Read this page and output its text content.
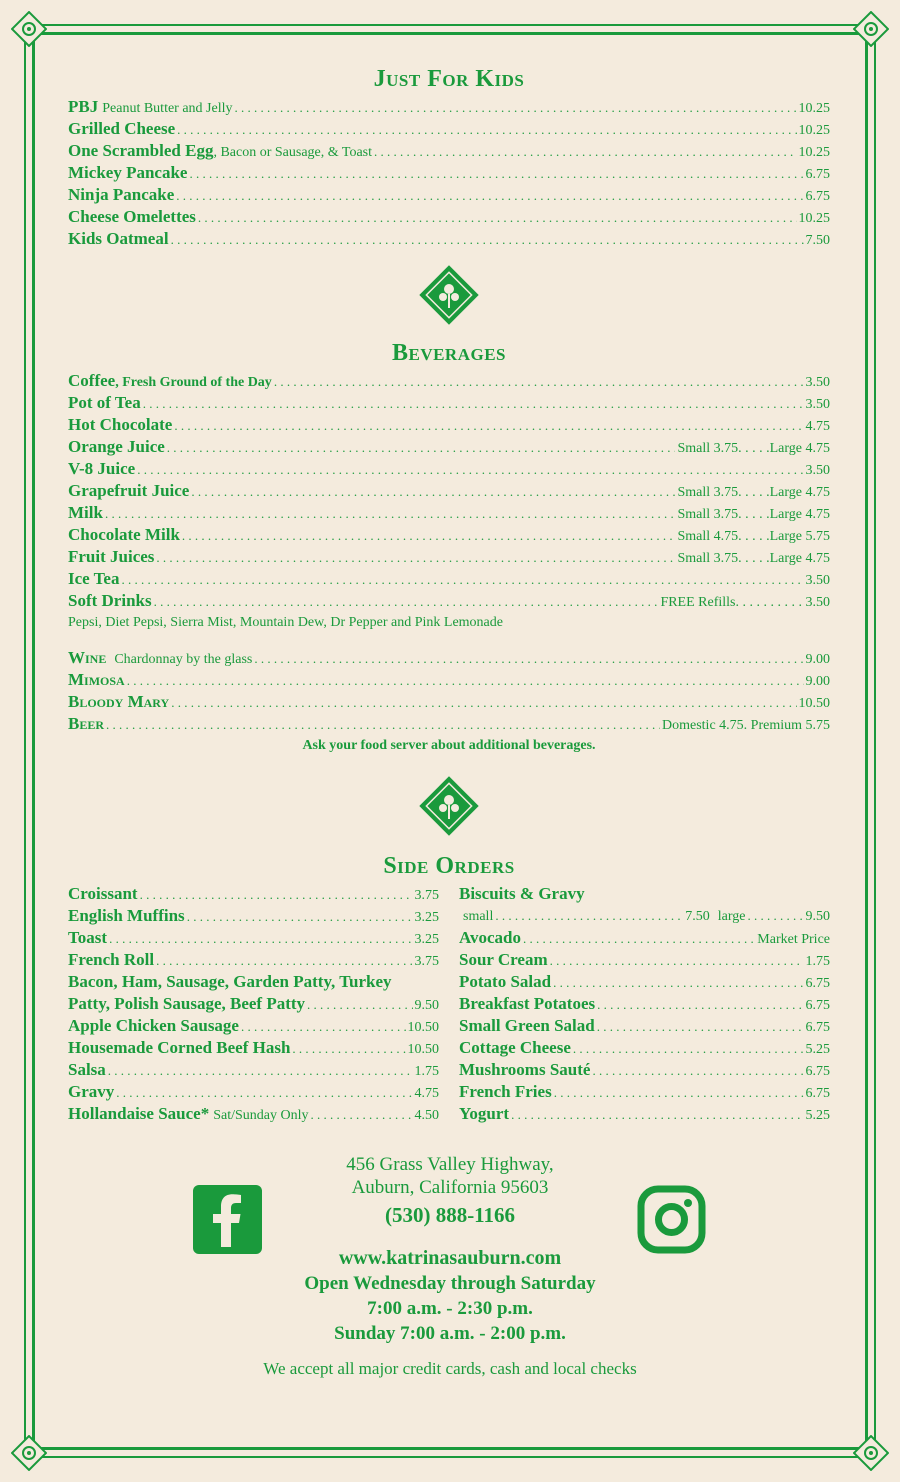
Just For Kids
PBJ Peanut Butter and Jelly . . .	10.25
Grilled Cheese . . .	10.25
One Scrambled Egg , Bacon or Sausage, & Toast . . .	10.25
Mickey Pancake . . .	6.75
Ninja Pancake . . .	6.75
Cheese Omelettes . . .	10.25
Kids Oatmeal . . .	7.50
Beverages
Coffee , Fresh Ground of the Day . . .	3.50
Pot of Tea . . .	3.50
Hot Chocolate . . .	4.75
Orange Juice . . .	Small 3.75. . . . .Large 4.75
V-8 Juice . . .	3.50
Grapefruit Juice . . .	Small 3.75. . . . .Large 4.75
Milk . . .	Small 3.75. . . . .Large 4.75
Chocolate Milk . . .	Small 4.75. . . . .Large 5.75
Fruit Juices . . .	Small 3.75. . . . .Large 4.75
Ice Tea . . .	3.50
Soft Drinks . . .	FREE Refills. . . . . . . . . . 3.50
Pepsi, Diet Pepsi, Sierra Mist, Mountain Dew, Dr Pepper and Pink Lemonade
Wine Chardonnay by the glass . . .	9.00
Mimosa . . .	9.00
Bloody Mary . . .	10.50
Beer . . .	Domestic 4.75. Premium 5.75
Ask your food server about additional beverages.
Side Orders
Croissant . . .	3.75
English Muffins . . .	3.25
Toast . . .	3.25
French Roll . . .	3.75
Bacon, Ham, Sausage, Garden Patty, Turkey
Patty, Polish Sausage, Beef Patty . . .	9.50
Apple Chicken Sausage . . .	10.50
Housemade Corned Beef Hash . . .	10.50
Salsa . . .	1.75
Gravy . . .	4.75
Hollandaise Sauce* Sat/Sunday Only . . .	4.50
Biscuits & Gravy
small . . .	7.50 large . . .	9.50
Avocado . . .	Market Price
Sour Cream . . .	1.75
Potato Salad . . .	6.75
Breakfast Potatoes . . .	6.75
Small Green Salad . . .	6.75
Cottage Cheese . . .	5.25
Mushrooms Sauté . . .	6.75
French Fries . . .	6.75
Yogurt . . .	5.25
456 Grass Valley Highway,
Auburn, California 95603
(530) 888-1166
www.katrinasauburn.com
Open Wednesday through Saturday
7:00 a.m. - 2:30 p.m.
Sunday 7:00 a.m. - 2:00 p.m.
We accept all major credit cards, cash and local checks
